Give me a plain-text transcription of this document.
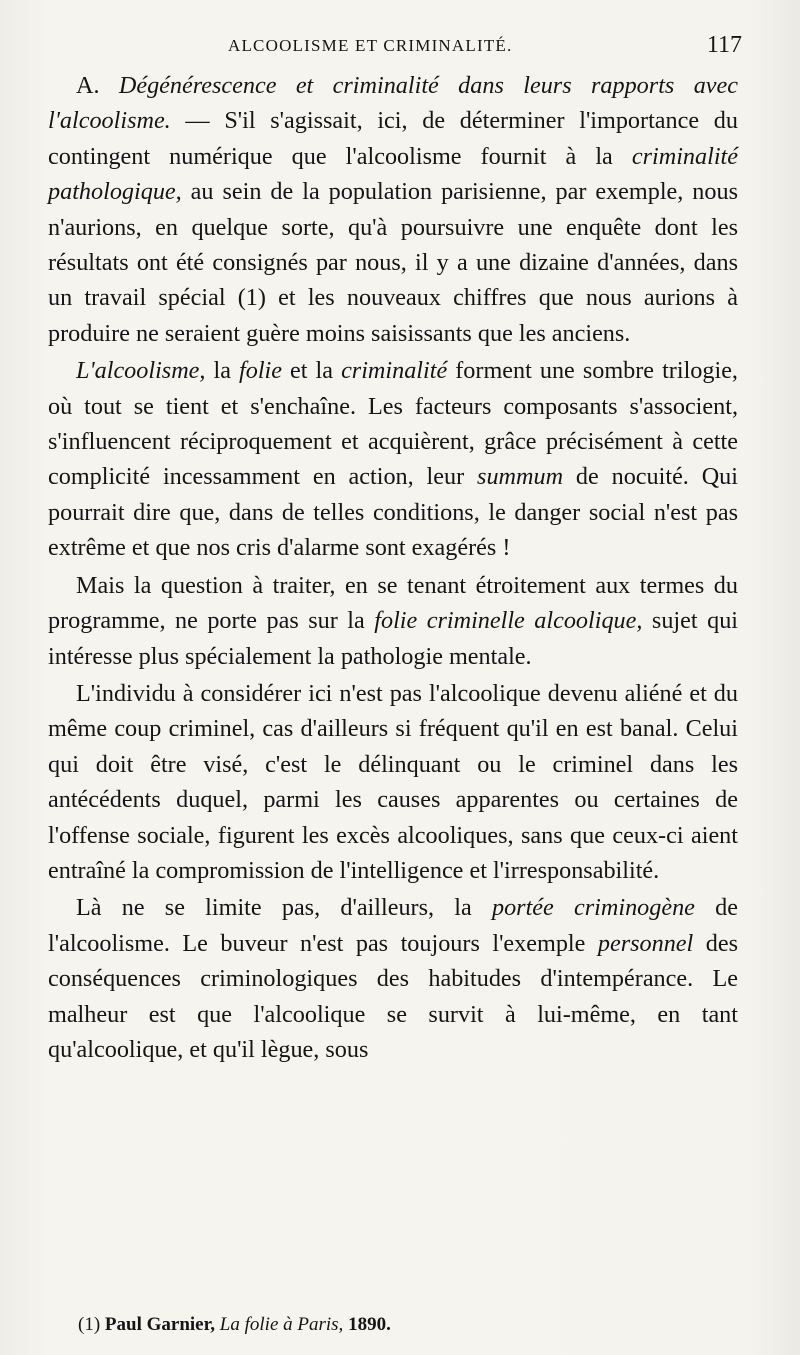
ALCOOLISME ET CRIMINALITÉ.	117

A. Dégénérescence et criminalité dans leurs rapports avec l'alcoolisme. — S'il s'agissait, ici, de déterminer l'importance du contingent numérique que l'alcoolisme fournit à la criminalité pathologique, au sein de la population parisienne, par exemple, nous n'aurions, en quelque sorte, qu'à poursuivre une enquête dont les résultats ont été consignés par nous, il y a une dizaine d'années, dans un travail spécial (1) et les nouveaux chiffres que nous aurions à produire ne seraient guère moins saisissants que les anciens.

L'alcoolisme, la folie et la criminalité forment une sombre trilogie, où tout se tient et s'enchaîne. Les facteurs composants s'associent, s'influencent réciproquement et acquièrent, grâce précisément à cette complicité incessamment en action, leur summum de nocuité. Qui pourrait dire que, dans de telles conditions, le danger social n'est pas extrême et que nos cris d'alarme sont exagérés !

Mais la question à traiter, en se tenant étroitement aux termes du programme, ne porte pas sur la folie criminelle alcoolique, sujet qui intéresse plus spécialement la pathologie mentale.

L'individu à considérer ici n'est pas l'alcoolique devenu aliéné et du même coup criminel, cas d'ailleurs si fréquent qu'il en est banal. Celui qui doit être visé, c'est le délinquant ou le criminel dans les antécédents duquel, parmi les causes apparentes ou certaines de l'offense sociale, figurent les excès alcooliques, sans que ceux-ci aient entraîné la compromission de l'intelligence et l'irresponsabilité.

Là ne se limite pas, d'ailleurs, la portée criminogène de l'alcoolisme. Le buveur n'est pas toujours l'exemple personnel des conséquences criminologiques des habitudes d'intempérance. Le malheur est que l'alcoolique se survit à lui-même, en tant qu'alcoolique, et qu'il lègue, sous

(1) Paul Garnier, La folie à Paris, 1890.
